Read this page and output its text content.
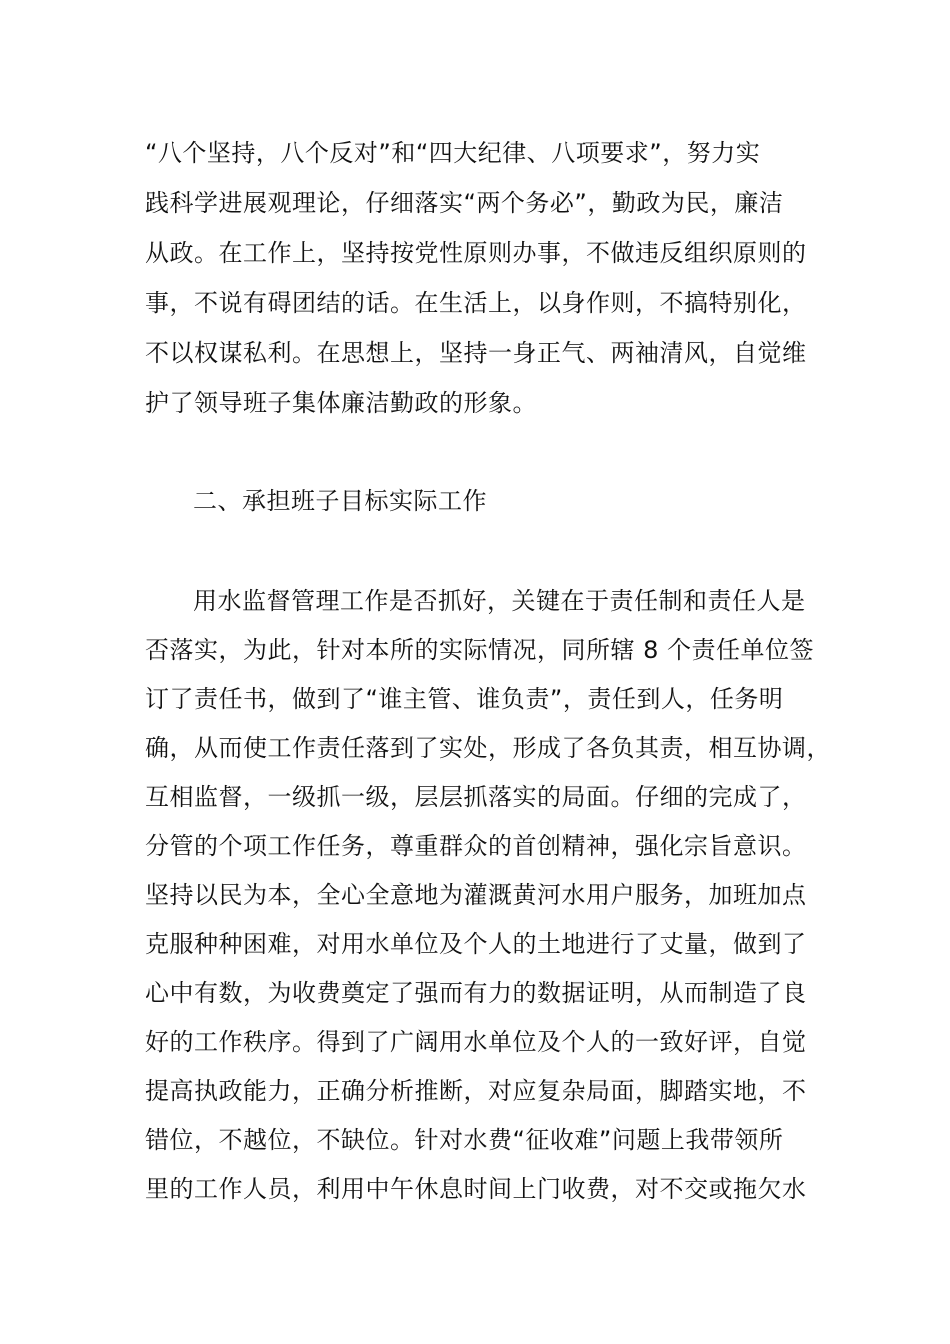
“八个坚持，八个反对”和“四大纪律、八项要求”，努力实
践科学进展观理论，仔细落实“两个务必”，勤政为民，廉洁
从政。在工作上，坚持按党性原则办事，不做违反组织原则的
事，不说有碍团结的话。在生活上，以身作则，不搞特别化，
不以权谋私利。在思想上，坚持一身正气、两袖清风，自觉维
护了领导班子集体廉洁勤政的形象。
二、承担班子目标实际工作
用水监督管理工作是否抓好，关键在于责任制和责任人是
否落实，为此，针对本所的实际情况，同所辖 8 个责任单位签
订了责任书，做到了“谁主管、谁负责”，责任到人，任务明
确，从而使工作责任落到了实处，形成了各负其责，相互协调，
互相监督，一级抓一级，层层抓落实的局面。仔细的完成了，
分管的个项工作任务，尊重群众的首创精神，强化宗旨意识。
坚持以民为本，全心全意地为灌溉黄河水用户服务，加班加点
克服种种困难，对用水单位及个人的土地进行了丈量，做到了
心中有数，为收费奠定了强而有力的数据证明，从而制造了良
好的工作秩序。得到了广阔用水单位及个人的一致好评，自觉
提高执政能力，正确分析推断，对应复杂局面，脚踏实地，不
错位，不越位，不缺位。针对水费“征收难”问题上我带领所
里的工作人员，利用中午休息时间上门收费，对不交或拖欠水
